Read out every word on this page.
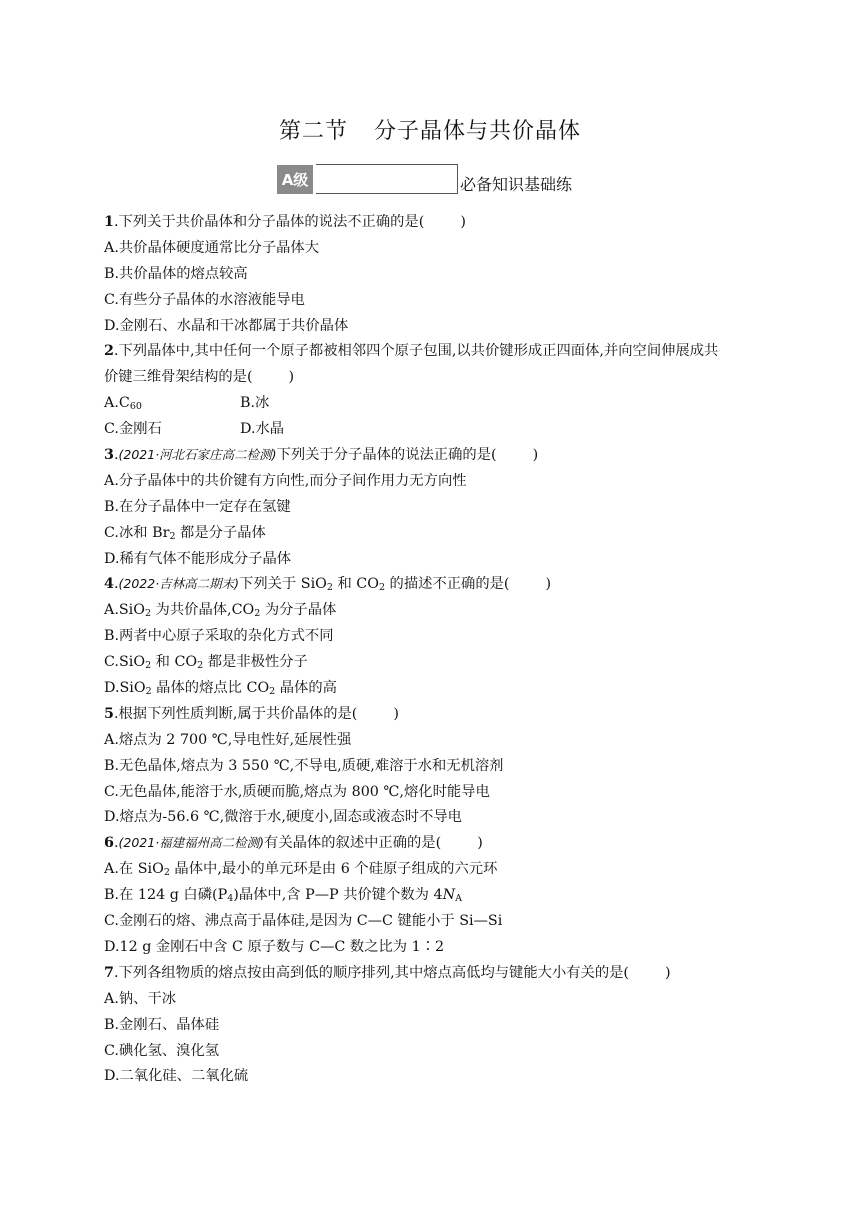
第二节 分子晶体与共价晶体
A级	必备知识基础练
1.下列关于共价晶体和分子晶体的说法不正确的是(	)
A.共价晶体硬度通常比分子晶体大
B.共价晶体的熔点较高
C.有些分子晶体的水溶液能导电
D.金刚石、水晶和干冰都属于共价晶体
2.下列晶体中,其中任何一个原子都被相邻四个原子包围,以共价键形成正四面体,并向空间伸展成共
价键三维骨架结构的是(	)
$A.C_{60}$	B.冰
C.金刚石	D.水晶
3.(2021·河北石家庄高二检测)下列关于分子晶体的说法正确的是(	)
A.分子晶体中的共价键有方向性,而分子间作用力无方向性
B.在分子晶体中一定存在氢键
C.冰和 $Br_2$ 都是分子晶体
D.稀有气体不能形成分子晶体
4.(2022·吉林高二期末)下列关于 SiO$_2$ 和 $CO_2$ 的描述不正确的是(	)
A.SiO$_2$ 为共价晶体$,CO_2$ 为分子晶体
B.两者中心原子采取的杂化方式不同
C.SiO$_2$ 和 $CO_2$ 都是非极性分子
D.SiO$_2$ 晶体的熔点比 $CO_2$ 晶体的高
5.根据下列性质判断,属于共价晶体的是(	)
A.熔点为 2 700 ℃,导电性好,延展性强
B.无色晶体,熔点为 3 550 ℃,不导电,质硬,难溶于水和无机溶剂
C.无色晶体,能溶于水,质硬而脆,熔点为 800 ℃,熔化时能导电
D.熔点为-56.6 ℃,微溶于水,硬度小,固态或液态时不导电
6.(2021·福建福州高二检测)有关晶体的叙述中正确的是(	)
A.在 SiO$_2$ 晶体中,最小的单元环是由 6 个硅原子组成的六元环
B.在 124 g 白磷$(P_4)$晶体中,含 P—P 共价键个数为 $4N_A$
C.金刚石的熔、沸点高于晶体硅,是因为 C—C 键能小于 Si—Si
D.12 g 金刚石中含 C 原子数与 C—C 数之比为 1∶2
7.下列各组物质的熔点按由高到低的顺序排列,其中熔点高低均与键能大小有关的是(	)
A.钠、干冰
B.金刚石、晶体硅
C.碘化氢、溴化氢
D.二氧化硅、二氧化硫
